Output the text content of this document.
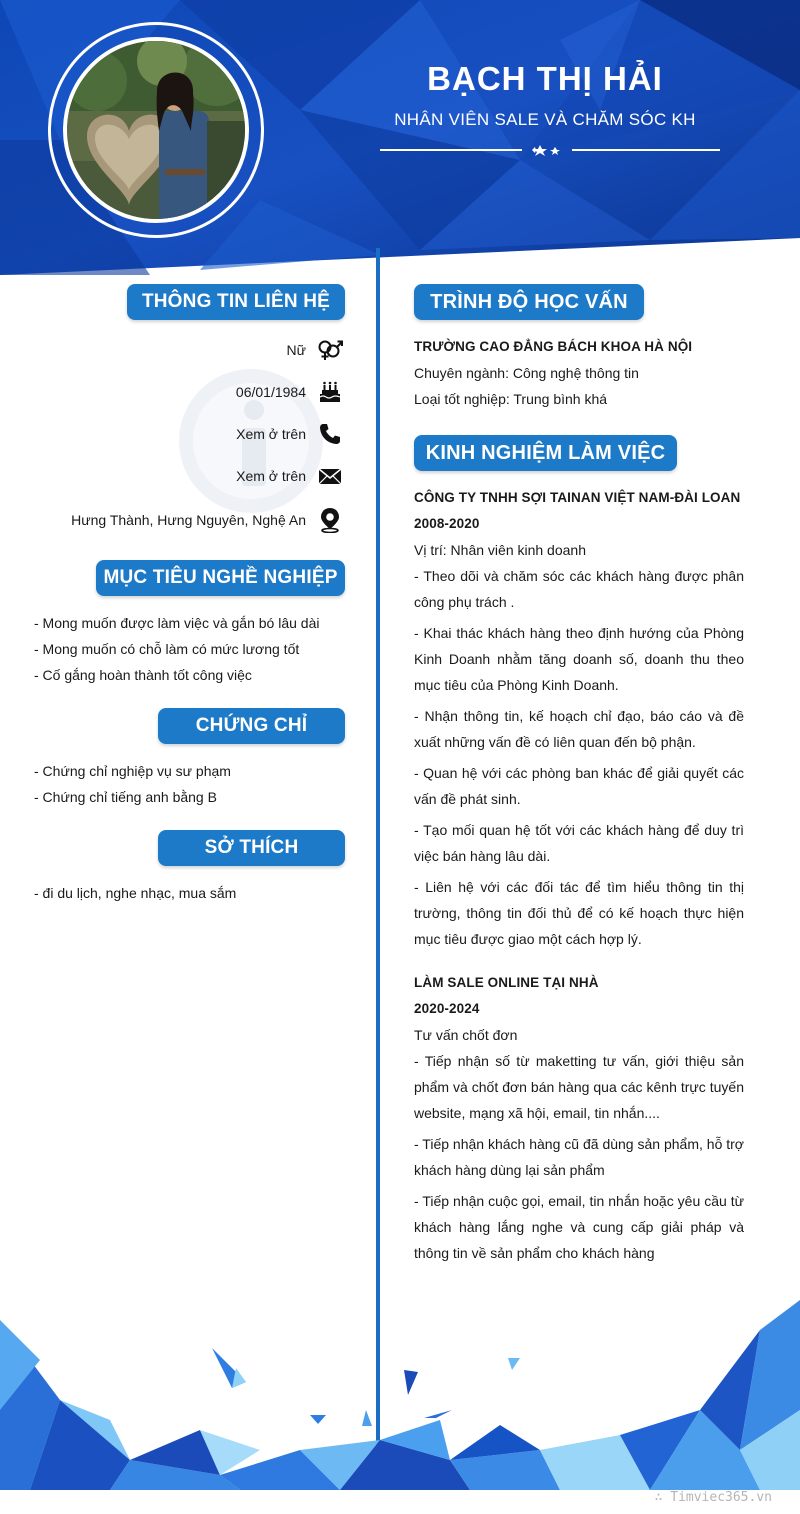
BẠCH THỊ HẢI
NHÂN VIÊN SALE VÀ CHĂM SÓC KH
THÔNG TIN LIÊN HỆ
Nữ
06/01/1984
Xem ở trên
Xem ở trên
Hưng Thành, Hưng Nguyên, Nghệ An
MỤC TIÊU NGHỀ NGHIỆP

- Mong muốn được làm việc và gắn bó lâu dài

- Mong muốn có chỗ làm có mức lương tốt

- Cố gắng hoàn thành tốt công việc

CHỨNG CHỈ

- Chứng chỉ nghiệp vụ sư phạm

- Chứng chỉ tiếng anh bằng B

SỞ THÍCH

- đi du lịch, nghe nhạc, mua sắm

TRÌNH ĐỘ HỌC VẤN

TRƯỜNG CAO ĐẲNG BÁCH KHOA HÀ NỘI

Chuyên ngành: Công nghệ thông tin

Loại tốt nghiệp: Trung bình khá

KINH NGHIỆM LÀM VIỆC

CÔNG TY TNHH SỢI TAINAN VIỆT NAM-ĐÀI LOAN

2008-2020

Vị trí: Nhân viên kinh doanh

- Theo dõi và chăm sóc các khách hàng được phân công phụ trách .

- Khai thác khách hàng theo định hướng của Phòng Kinh Doanh nhằm tăng doanh số, doanh thu theo mục tiêu của Phòng Kinh Doanh.

- Nhận thông tin, kế hoạch chỉ đạo, báo cáo và đề xuất những vấn đề có liên quan đến bộ phận.

- Quan hệ với các phòng ban khác để giải quyết các vấn đề phát sinh.

- Tạo mối quan hệ tốt với các khách hàng để duy trì việc bán hàng lâu dài.

- Liên hệ với các đối tác để tìm hiểu thông tin thị trường, thông tin đối thủ để có kế hoạch thực hiện mục tiêu được giao một cách hợp lý.

LÀM SALE ONLINE TẠI NHÀ

2020-2024

Tư vấn chốt đơn

- Tiếp nhận số từ maketting tư vấn, giới thiệu sản phẩm và chốt đơn bán hàng qua các kênh trực tuyến website, mạng xã hội, email, tin nhắn....

- Tiếp nhận khách hàng cũ đã dùng sản phẩm, hỗ trợ khách hàng dùng lại sản phẩm

- Tiếp nhận cuộc gọi, email, tin nhắn hoặc yêu cầu từ khách hàng lắng nghe và cung cấp giải pháp và thông tin về sản phẩm cho khách hàng

∴ Timviec365.vn
